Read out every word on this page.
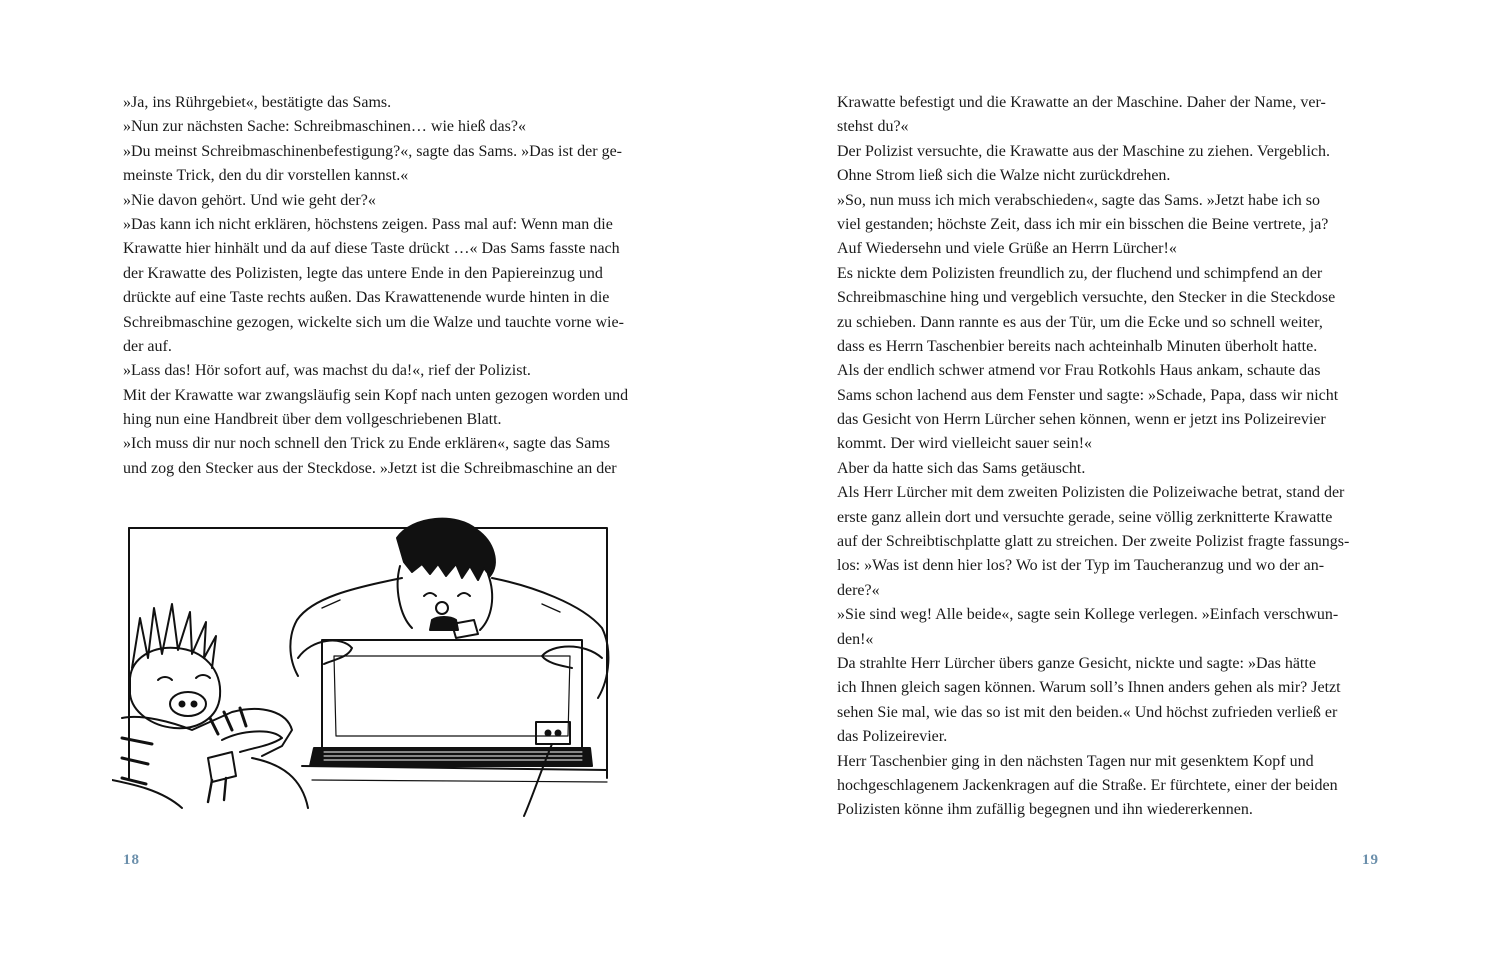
»Ja, ins Rührgebiet«, bestätigte das Sams.
»Nun zur nächsten Sache: Schreibmaschinen… wie hieß das?«
»Du meinst Schreibmaschinenbefestigung?«, sagte das Sams. »Das ist der ge-
meinste Trick, den du dir vorstellen kannst.«
»Nie davon gehört. Und wie geht der?«
»Das kann ich nicht erklären, höchstens zeigen. Pass mal auf: Wenn man die
Krawatte hier hinhält und da auf diese Taste drückt …« Das Sams fasste nach
der Krawatte des Polizisten, legte das untere Ende in den Papiereinzug und
drückte auf eine Taste rechts außen. Das Krawattenende wurde hinten in die
Schreibmaschine gezogen, wickelte sich um die Walze und tauchte vorne wie-
der auf.
»Lass das! Hör sofort auf, was machst du da!«, rief der Polizist.
Mit der Krawatte war zwangsläufig sein Kopf nach unten gezogen worden und
hing nun eine Handbreit über dem vollgeschriebenen Blatt.
»Ich muss dir nur noch schnell den Trick zu Ende erklären«, sagte das Sams
und zog den Stecker aus der Steckdose. »Jetzt ist die Schreibmaschine an der
18
Krawatte befestigt und die Krawatte an der Maschine. Daher der Name, ver-
stehst du?«
Der Polizist versuchte, die Krawatte aus der Maschine zu ziehen. Vergeblich.
Ohne Strom ließ sich die Walze nicht zurückdrehen.
»So, nun muss ich mich verabschieden«, sagte das Sams. »Jetzt habe ich so
viel gestanden; höchste Zeit, dass ich mir ein bisschen die Beine vertrete, ja?
Auf Wiedersehn und viele Grüße an Herrn Lürcher!«
Es nickte dem Polizisten freundlich zu, der fluchend und schimpfend an der
Schreibmaschine hing und vergeblich versuchte, den Stecker in die Steckdose
zu schieben. Dann rannte es aus der Tür, um die Ecke und so schnell weiter,
dass es Herrn Taschenbier bereits nach achteinhalb Minuten überholt hatte.
Als der endlich schwer atmend vor Frau Rotkohls Haus ankam, schaute das
Sams schon lachend aus dem Fenster und sagte: »Schade, Papa, dass wir nicht
das Gesicht von Herrn Lürcher sehen können, wenn er jetzt ins Polizeirevier
kommt. Der wird vielleicht sauer sein!«
Aber da hatte sich das Sams getäuscht.
Als Herr Lürcher mit dem zweiten Polizisten die Polizeiwache betrat, stand der
erste ganz allein dort und versuchte gerade, seine völlig zerknitterte Krawatte
auf der Schreibtischplatte glatt zu streichen. Der zweite Polizist fragte fassungs-
los: »Was ist denn hier los? Wo ist der Typ im Taucheranzug und wo der an-
dere?«
»Sie sind weg! Alle beide«, sagte sein Kollege verlegen. »Einfach verschwun-
den!«
Da strahlte Herr Lürcher übers ganze Gesicht, nickte und sagte: »Das hätte
ich Ihnen gleich sagen können. Warum soll’s Ihnen anders gehen als mir? Jetzt
sehen Sie mal, wie das so ist mit den beiden.« Und höchst zufrieden verließ er
das Polizeirevier.
Herr Taschenbier ging in den nächsten Tagen nur mit gesenktem Kopf und
hochgeschlagenem Jackenkragen auf die Straße. Er fürchtete, einer der beiden
Polizisten könne ihm zufällig begegnen und ihn wiedererkennen.
19
